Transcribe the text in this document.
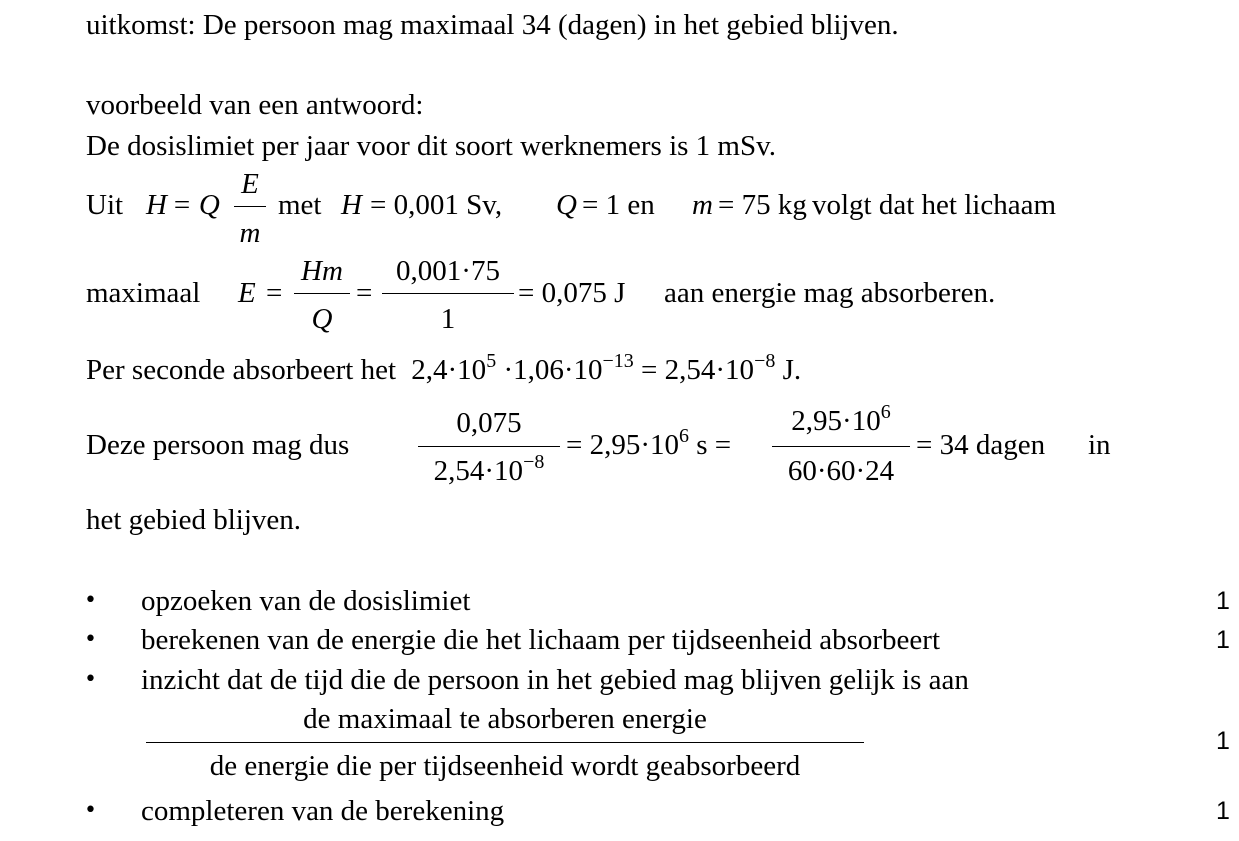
uitkomst: De persoon mag maximaal 34 (dagen) in het gebied blijven.
voorbeeld van een antwoord:
De dosislimiet per jaar voor dit soort werknemers is 1 mSv.
Uit H = Q
E
m
met H = 0,001 Sv, Q = 1 en m = 75 kg volgt dat het lichaam
maximaal E =
Hm
Q
=
0,001·75
1
= 0,075 J aan energie mag absorberen.
Per seconde absorbeert het $2,4\cdot 10^5 \cdot 1,06\cdot 10^{-13} = 2,54\cdot 10^{-8}$ J.
Deze persoon mag dus
0,075
$2,54\cdot 10^{-8}$
= $2,95\cdot 10^6$ s =
$2,95\cdot 10^6$
60·60·24
= 34 dagen in
het gebied blijven.
• opzoeken van de dosislimiet	1
• berekenen van de energie die het lichaam per tijdseenheid absorbeert	1
• inzicht dat de tijd die de persoon in het gebied mag blijven gelijk is aan
de maximaal te absorberen energie
de energie die per tijdseenheid wordt geabsorbeerd
1
• completeren van de berekening	1
